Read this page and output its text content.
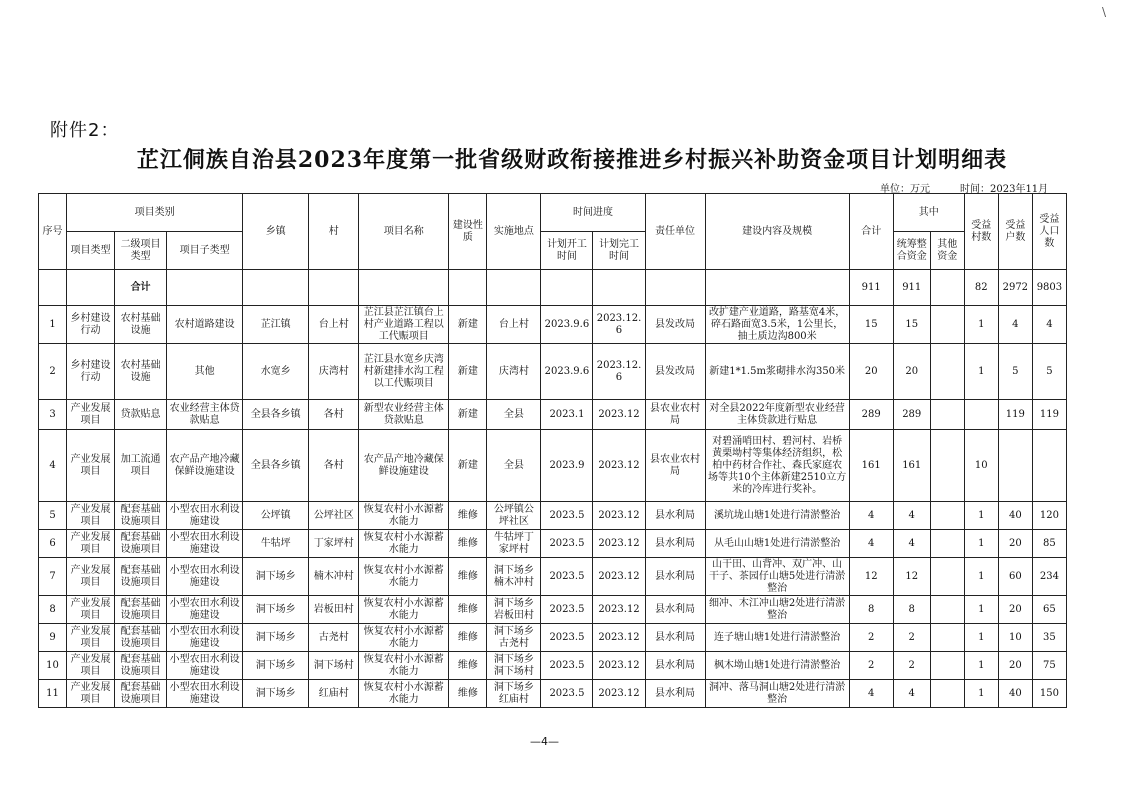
\
附件2：
芷江侗族自治县2023年度第一批省级财政衔接推进乡村振兴补助资金项目计划明细表
单位：万元	时间：2023年11月
序号	项目类别			乡镇	村	项目名称	建设性质	实施地点	时间进度		责任单位	建设内容及规模	合计	其中		受益村数	受益户数	受益人口数
	项目类型	二级项目类型	项目子类型						计划开工时间	计划完工时间				统筹整合资金	其他资金			
		合计											911	911		82	2972	9803
1	乡村建设行动	农村基础设施	农村道路建设	芷江镇	台上村	芷江县芷江镇台上村产业道路工程以工代赈项目	新建	台上村	2023.9.6	2023.12.6	县发改局	改扩建产业道路，路基宽4米，碎石路面宽3.5米，1公里长，抽土质边沟800米	15	15		1	4	4
2	乡村建设行动	农村基础设施	其他	水宽乡	庆湾村	芷江县水宽乡庆湾村新建排水沟工程以工代赈项目	新建	庆湾村	2023.9.6	2023.12.6	县发改局	新建1*1.5m浆砌排水沟350米	20	20		1	5	5
3	产业发展项目	贷款贴息	农业经营主体贷款贴息	全县各乡镇	各村	新型农业经营主体贷款贴息	新建	全县	2023.1	2023.12	县农业农村局	对全县2022年度新型农业经营主体贷款进行贴息	289	289			119	119
4	产业发展项目	加工流通项目	农产品产地冷藏保鲜设施建设	全县各乡镇	各村	农产品产地冷藏保鲜设施建设	新建	全县	2023.9	2023.12	县农业农村局	对碧涌哨田村、碧河村、岩桥黄栗坳村等集体经济组织，松柏中药材合作社、森氏家庭农场等共10个主体新建2510立方米的冷库进行奖补。	161	161		10		
5	产业发展项目	配套基础设施项目	小型农田水利设施建设	公坪镇	公坪社区	恢复农村小水源蓄水能力	维修	公坪镇公坪社区	2023.5	2023.12	县水利局	溪坑垅山塘1处进行清淤整治	4	4		1	40	120
6	产业发展项目	配套基础设施项目	小型农田水利设施建设	牛牯坪	丁家坪村	恢复农村小水源蓄水能力	维修	牛牯坪丁家坪村	2023.5	2023.12	县水利局	从毛山山塘1处进行清淤整治	4	4		1	20	85
7	产业发展项目	配套基础设施项目	小型农田水利设施建设	洞下场乡	楠木冲村	恢复农村小水源蓄水能力	维修	洞下场乡楠木冲村	2023.5	2023.12	县水利局	山干田、山背冲、双广冲、山干子、茶园仔山塘5处进行清淤整治	12	12		1	60	234
8	产业发展项目	配套基础设施项目	小型农田水利设施建设	洞下场乡	岩板田村	恢复农村小水源蓄水能力	维修	洞下场乡岩板田村	2023.5	2023.12	县水利局	细冲、木江冲山塘2处进行清淤整治	8	8		1	20	65
9	产业发展项目	配套基础设施项目	小型农田水利设施建设	洞下场乡	古尧村	恢复农村小水源蓄水能力	维修	洞下场乡古尧村	2023.5	2023.12	县水利局	连子塘山塘1处进行清淤整治	2	2		1	10	35
10	产业发展项目	配套基础设施项目	小型农田水利设施建设	洞下场乡	洞下场村	恢复农村小水源蓄水能力	维修	洞下场乡洞下场村	2023.5	2023.12	县水利局	枫木坳山塘1处进行清淤整治	2	2		1	20	75
11	产业发展项目	配套基础设施项目	小型农田水利设施建设	洞下场乡	红庙村	恢复农村小水源蓄水能力	维修	洞下场乡红庙村	2023.5	2023.12	县水利局	洞冲、落马洞山塘2处进行清淤整治	4	4		1	40	150
—4—
